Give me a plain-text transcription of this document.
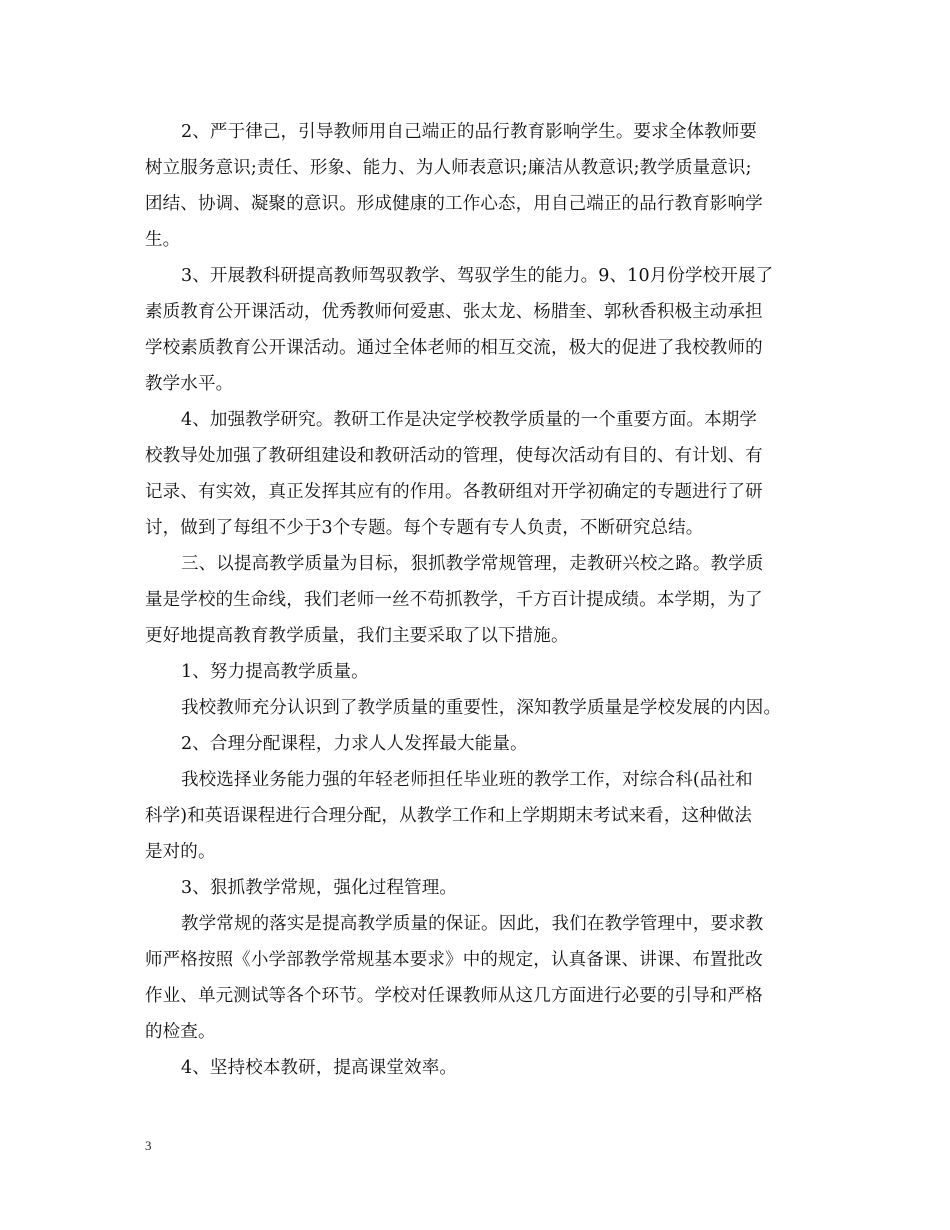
2、严于律己，引导教师用自己端正的品行教育影响学生。要求全体教师要
树立服务意识;责任、形象、能力、为人师表意识;廉洁从教意识;教学质量意识;
团结、协调、凝聚的意识。形成健康的工作心态，用自己端正的品行教育影响学
生。
3、开展教科研提高教师驾驭教学、驾驭学生的能力。9、10月份学校开展了
素质教育公开课活动，优秀教师何爱惠、张太龙、杨腊奎、郭秋香积极主动承担
学校素质教育公开课活动。通过全体老师的相互交流，极大的促进了我校教师的
教学水平。
4、加强教学研究。教研工作是决定学校教学质量的一个重要方面。本期学
校教导处加强了教研组建设和教研活动的管理，使每次活动有目的、有计划、有
记录、有实效，真正发挥其应有的作用。各教研组对开学初确定的专题进行了研
讨，做到了每组不少于3个专题。每个专题有专人负责，不断研究总结。
三、以提高教学质量为目标，狠抓教学常规管理，走教研兴校之路。教学质
量是学校的生命线，我们老师一丝不苟抓教学，千方百计提成绩。本学期，为了
更好地提高教育教学质量，我们主要采取了以下措施。
1、努力提高教学质量。
我校教师充分认识到了教学质量的重要性，深知教学质量是学校发展的内因。
2、合理分配课程，力求人人发挥最大能量。
我校选择业务能力强的年轻老师担任毕业班的教学工作，对综合科(品社和
科学)和英语课程进行合理分配，从教学工作和上学期期末考试来看，这种做法
是对的。
3、狠抓教学常规，强化过程管理。
教学常规的落实是提高教学质量的保证。因此，我们在教学管理中，要求教
师严格按照《小学部教学常规基本要求》中的规定，认真备课、讲课、布置批改
作业、单元测试等各个环节。学校对任课教师从这几方面进行必要的引导和严格
的检查。
4、坚持校本教研，提高课堂效率。
3
